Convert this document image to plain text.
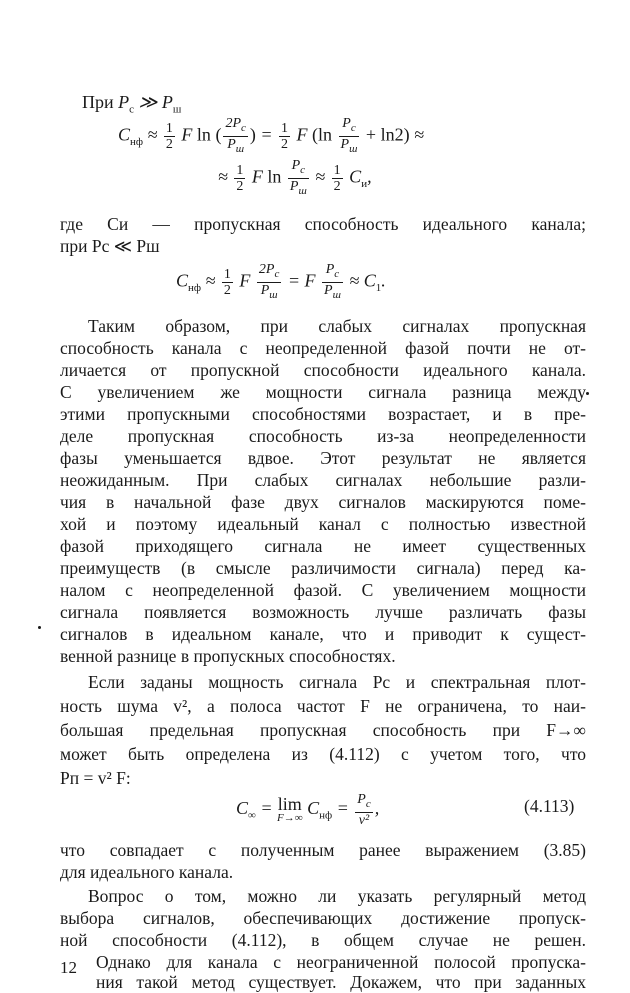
При $P_с$ ≫ $P_ш$
$C_{нф} \approx \frac{1}{2}$ F ln ( $\frac{2P_с}{P_ш}$ ) = $\frac{1}{2}$ F $(\ln \frac{P_с}{P_ш} + \ln 2)$ ≈
≈ $\frac{1}{2}$ F $\ln \frac{P_с}{P_ш} \approx \frac{1}{2} C_и$,
где Cи — пропускная способность идеального канала;
при Pс ≪ Pш
$C_{нф} \approx \frac{1}{2}$ F $\frac{2P_с}{P_ш} = F \frac{P_с}{P_ш} \approx C_1$.
Таким образом, при слабых сигналах пропускная
способность канала с неопределенной фазой почти не от-
личается от пропускной способности идеального канала.
С увеличением же мощности сигнала разница между
этими пропускными способностями возрастает, и в пре-
деле пропускная способность из-за неопределенности
фазы уменьшается вдвое. Этот результат не является
неожиданным. При слабых сигналах небольшие разли-
чия в начальной фазе двух сигналов маскируются поме-
хой и поэтому идеальный канал с полностью известной
фазой приходящего сигнала не имеет существенных
преимуществ (в смысле различимости сигнала) перед ка-
налом с неопределенной фазой. С увеличением мощности
сигнала появляется возможность лучше различать фазы
сигналов в идеальном канале, что и приводит к сущест-
венной разнице в пропускных способностях.
Если заданы мощность сигнала Pc и спектральная плот-
ность шума v², а полоса частот F не ограничена, то наи-
большая предельная пропускная способность при F→∞
может быть определена из (4.112) с учетом того, что
Pп = v² F:
$C_\infty = \lim$
F→∞
$C_{нф} = \frac{P_с}{\text{v²}}$ ,	(4.113)
что совпадает с полученным ранее выражением (3.85)
для идеального канала.
Вопрос о том, можно ли указать регулярный метод
выбора сигналов, обеспечивающих достижение пропуск-
ной способности (4.112), в общем случае не решен.
Однако для канала с неограниченной полосой пропуска-
ния такой метод существует. Докажем, что при заданных
12
